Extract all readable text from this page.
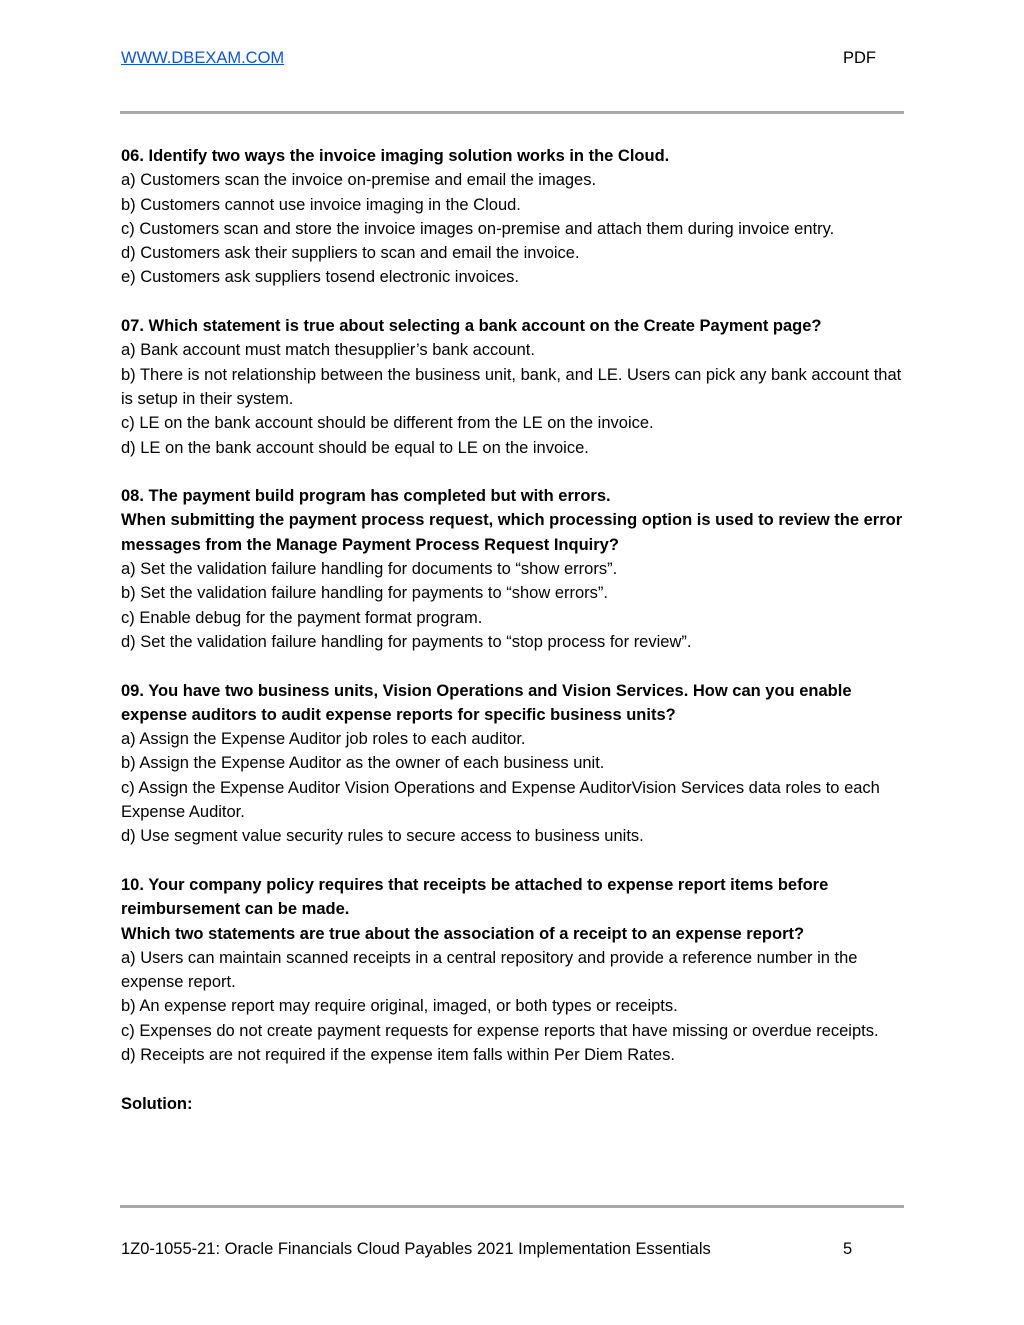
WWW.DBEXAM.COM	PDF

06. Identify two ways the invoice imaging solution works in the Cloud.

a) Customers scan the invoice on-premise and email the images.

b) Customers cannot use invoice imaging in the Cloud.

c) Customers scan and store the invoice images on-premise and attach them during invoice entry.

d) Customers ask their suppliers to scan and email the invoice.

e) Customers ask suppliers tosend electronic invoices.

07. Which statement is true about selecting a bank account on the Create Payment page?

a) Bank account must match thesupplier’s bank account.

b) There is not relationship between the business unit, bank, and LE. Users can pick any bank account that is setup in their system.

c) LE on the bank account should be different from the LE on the invoice.

d) LE on the bank account should be equal to LE on the invoice.

08. The payment build program has completed but with errors.

When submitting the payment process request, which processing option is used to review the error messages from the Manage Payment Process Request Inquiry?

a) Set the validation failure handling for documents to “show errors”.

b) Set the validation failure handling for payments to “show errors”.

c) Enable debug for the payment format program.

d) Set the validation failure handling for payments to “stop process for review”.

09. You have two business units, Vision Operations and Vision Services. How can you enable expense auditors to audit expense reports for specific business units?

a) Assign the Expense Auditor job roles to each auditor.

b) Assign the Expense Auditor as the owner of each business unit.

c) Assign the Expense Auditor Vision Operations and Expense AuditorVision Services data roles to each Expense Auditor.

d) Use segment value security rules to secure access to business units.

10. Your company policy requires that receipts be attached to expense report items before reimbursement can be made.

Which two statements are true about the association of a receipt to an expense report?

a) Users can maintain scanned receipts in a central repository and provide a reference number in the expense report.

b) An expense report may require original, imaged, or both types or receipts.

c) Expenses do not create payment requests for expense reports that have missing or overdue receipts.

d) Receipts are not required if the expense item falls within Per Diem Rates.

Solution:

1Z0-1055-21: Oracle Financials Cloud Payables 2021 Implementation Essentials	5
